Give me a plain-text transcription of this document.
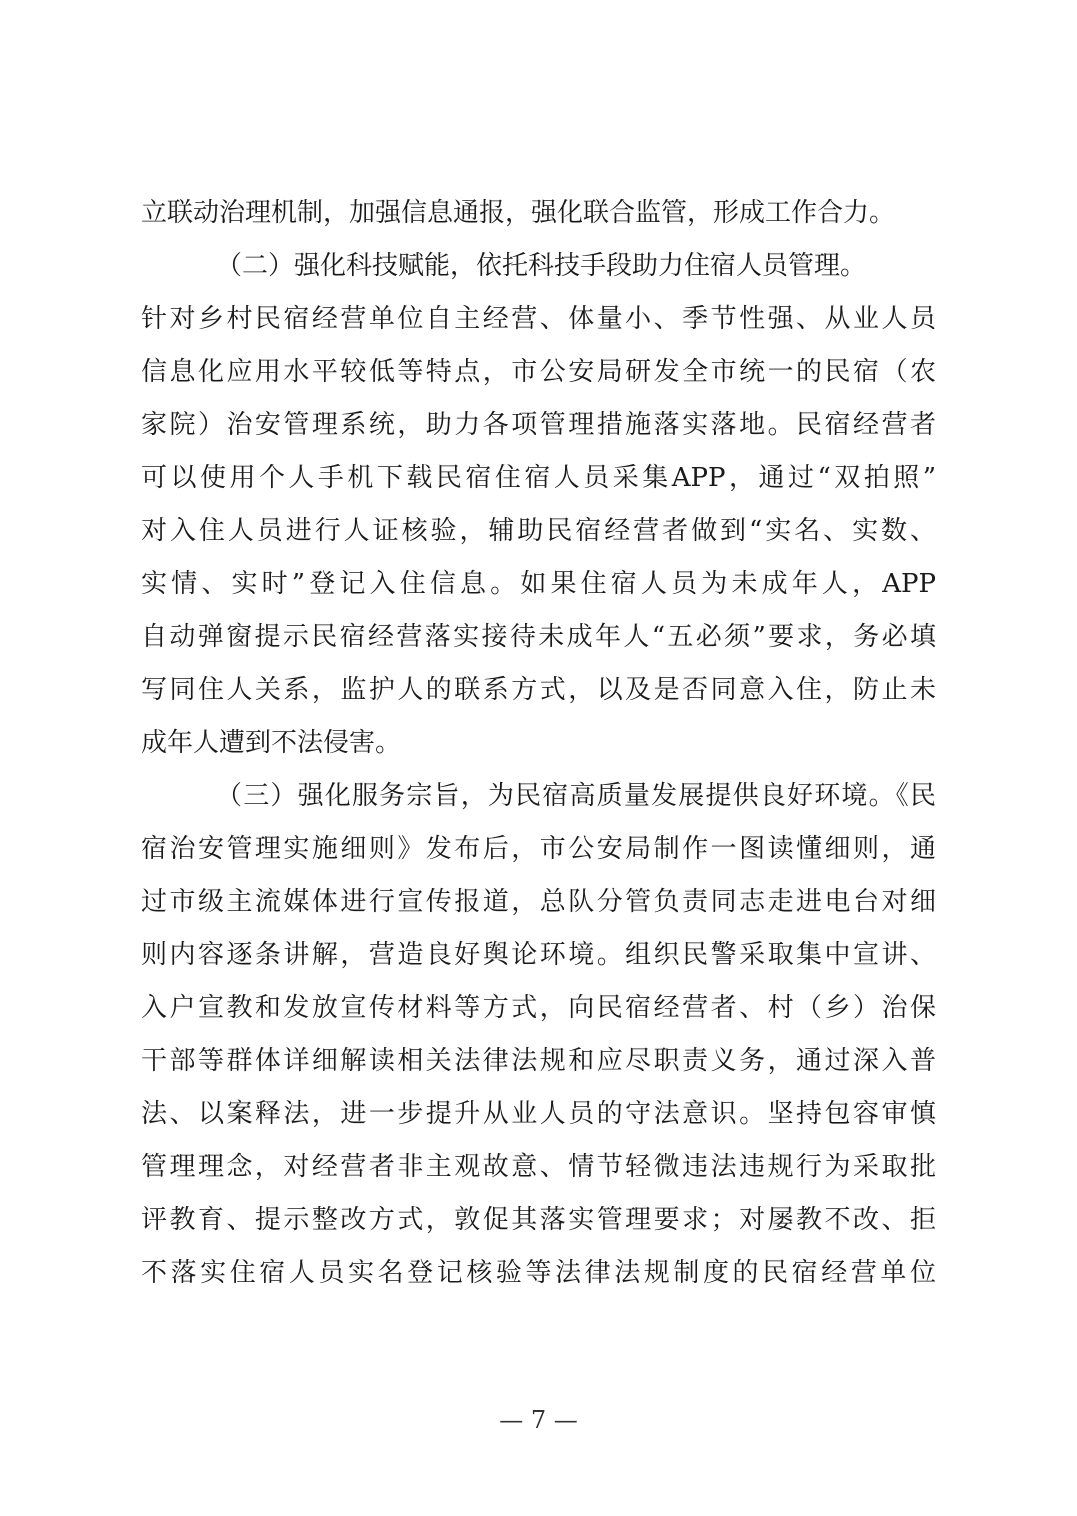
立联动治理机制，加强信息通报，强化联合监管，形成工作合力。
（二）强化科技赋能，依托科技手段助力住宿人员管理。
针对乡村民宿经营单位自主经营、体量小、季节性强、从业人员
信息化应用水平较低等特点，市公安局研发全市统一的民宿（农
家院）治安管理系统，助力各项管理措施落实落地。民宿经营者
可以使用个人手机下载民宿住宿人员采集APP，通过“双拍照”
对入住人员进行人证核验，辅助民宿经营者做到“实名、实数、
实情、实时”登记入住信息。如果住宿人员为未成年人，APP
自动弹窗提示民宿经营落实接待未成年人“五必须”要求，务必填
写同住人关系，监护人的联系方式，以及是否同意入住，防止未
成年人遭到不法侵害。
（三）强化服务宗旨，为民宿高质量发展提供良好环境。《民
宿治安管理实施细则》发布后，市公安局制作一图读懂细则，通
过市级主流媒体进行宣传报道，总队分管负责同志走进电台对细
则内容逐条讲解，营造良好舆论环境。组织民警采取集中宣讲、
入户宣教和发放宣传材料等方式，向民宿经营者、村（乡）治保
干部等群体详细解读相关法律法规和应尽职责义务，通过深入普
法、以案释法，进一步提升从业人员的守法意识。坚持包容审慎
管理理念，对经营者非主观故意、情节轻微违法违规行为采取批
评教育、提示整改方式，敦促其落实管理要求；对屡教不改、拒
不落实住宿人员实名登记核验等法律法规制度的民宿经营单位
— 7 —
